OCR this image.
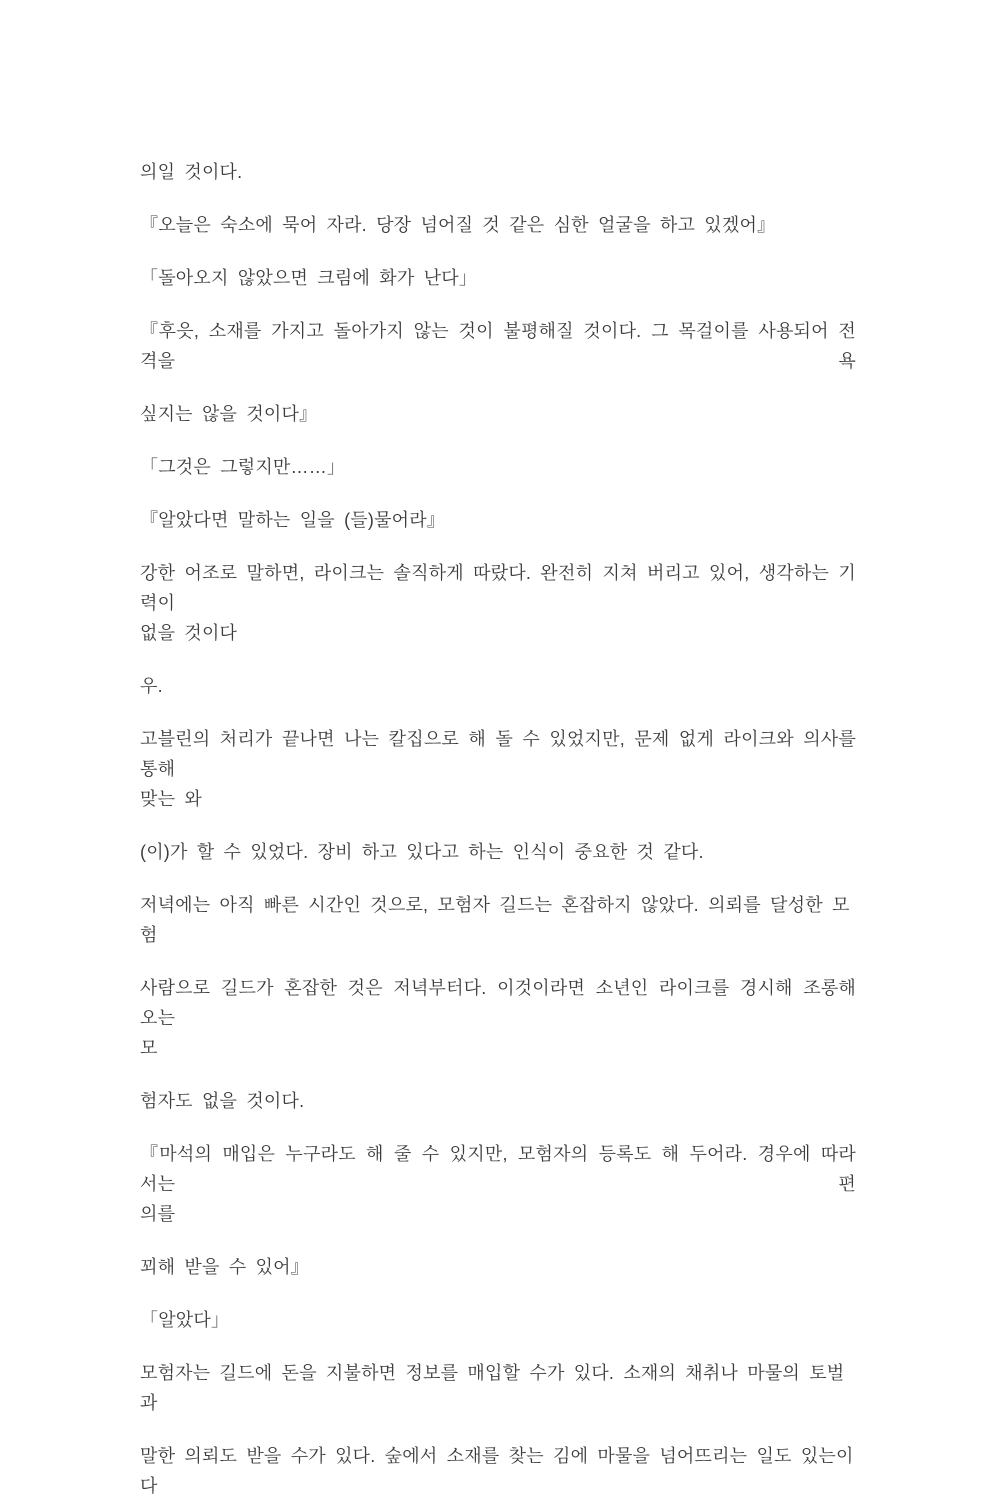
의일 것이다.
『오늘은 숙소에 묵어 자라. 당장 넘어질 것 같은 심한 얼굴을 하고 있겠어』
「돌아오지 않았으면 크림에 화가 난다」
『후읏, 소재를 가지고 돌아가지 않는 것이 불평해질 것이다. 그 목걸이를 사용되어 전격을 욕
싶지는 않을 것이다』
「그것은 그렇지만……」
『알았다면 말하는 일을 (들)물어라』
강한 어조로 말하면, 라이크는 솔직하게 따랐다. 완전히 지쳐 버리고 있어, 생각하는 기력이
없을 것이다
우.
고블린의 처리가 끝나면 나는 칼집으로 해 돌 수 있었지만, 문제 없게 라이크와 의사를 통해
맞는 와
(이)가 할 수 있었다. 장비 하고 있다고 하는 인식이 중요한 것 같다.
저녁에는 아직 빠른 시간인 것으로, 모험자 길드는 혼잡하지 않았다. 의뢰를 달성한 모험
사람으로 길드가 혼잡한 것은 저녁부터다. 이것이라면 소년인 라이크를 경시해 조롱해 오는
모
험자도 없을 것이다.
『마석의 매입은 누구라도 해 줄 수 있지만, 모험자의 등록도 해 두어라. 경우에 따라서는 편
의를
꾀해 받을 수 있어』
「알았다」
모험자는 길드에 돈을 지불하면 정보를 매입할 수가 있다. 소재의 채취나 마물의 토벌과
말한 의뢰도 받을 수가 있다. 숲에서 소재를 찾는 김에 마물을 넘어뜨리는 일도 있는이다
